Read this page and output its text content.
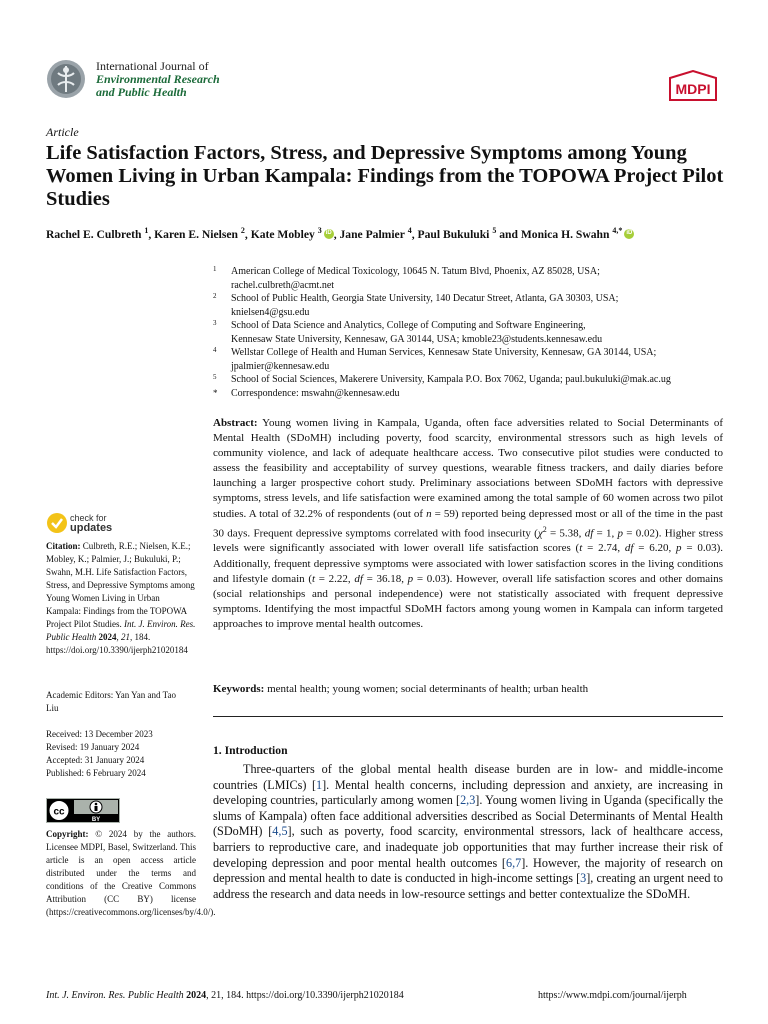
International Journal of
Environmental Research
and Public Health	MDPI
Article
Life Satisfaction Factors, Stress, and Depressive Symptoms among Young Women Living in Urban Kampala: Findings from the TOPOWA Project Pilot Studies
Rachel E. Culbreth $^1$, Karen E. Nielsen $^2$, Kate Mobley $^3$iD , Jane Palmier $^4$, Paul Bukuluki $^5$ and Monica H. Swahn $^{4,*}$iD
1 American College of Medical Toxicology, 10645 N. Tatum Blvd, Phoenix, AZ 85028, USA;
rachel.culbreth@acmt.net
2 School of Public Health, Georgia State University, 140 Decatur Street, Atlanta, GA 30303, USA;
knielsen4@gsu.edu
3 School of Data Science and Analytics, College of Computing and Software Engineering,
Kennesaw State University, Kennesaw, GA 30144, USA; kmoble23@students.kennesaw.edu
4 Wellstar College of Health and Human Services, Kennesaw State University, Kennesaw, GA 30144, USA;
jpalmier@kennesaw.edu
5 School of Social Sciences, Makerere University, Kampala P.O. Box 7062, Uganda; paul.bukuluki@mak.ac.ug
* Correspondence: mswahn@kennesaw.edu
Abstract: Young women living in Kampala, Uganda, often face adversities related to Social Determinants of Mental Health (SDoMH) including poverty, food scarcity, environmental stressors such as high levels of community violence, and lack of adequate healthcare access. Two consecutive pilot studies were conducted to assess the feasibility and acceptability of survey questions, wearable fitness trackers, and daily diaries before launching a larger prospective cohort study. Preliminary associations between SDoMH factors with depressive symptoms, stress levels, and life satisfaction were examined among the total sample of 60 women across two pilot studies. A total of 32.2% of respondents (out of n = 59) reported being depressed most or all of the time in the past 30 days. Frequent depressive symptoms correlated with food insecurity ($\chi^2 = 5.38$, df = 1, p = 0.02). Higher stress levels were significantly associated with lower overall life satisfaction scores (t = 2.74, df = 6.20, p = 0.03). Additionally, frequent depressive symptoms were associated with lower satisfaction scores in the living conditions and lifestyle domain (t = 2.22, df = 36.18, p = 0.03). However, overall life satisfaction scores and other domains (social relationships and personal independence) were not statistically associated with frequent depressive symptoms. Identifying the most impactful SDoMH factors among young women in Kampala can inform targeted approaches to improve mental health outcomes.
Keywords: mental health; young women; social determinants of health; urban health
1. Introduction
Three-quarters of the global mental health disease burden are in low- and middle-income countries (LMICs) [1]. Mental health concerns, including depression and anxiety, are increasing in developing countries, particularly among women [2,3]. Young women living in Uganda (specifically the slums of Kampala) often face additional adversities described as Social Determinants of Mental Health (SDoMH) [4,5], such as poverty, food scarcity, environmental stressors, lack of healthcare access, barriers to reproductive care, and inadequate job opportunities that may further increase their risk of developing depression and poor mental health outcomes [6,7]. However, the majority of research on depression and mental health to date is conducted in high-income settings [3], creating an urgent need to address the research and data needs in low-resource settings and better contextualize the SDoMH.
check for
updates
Citation: Culbreth, R.E.; Nielsen, K.E.; Mobley, K.; Palmier, J.; Bukuluki, P.; Swahn, M.H. Life Satisfaction Factors, Stress, and Depressive Symptoms among Young Women Living in Urban Kampala: Findings from the TOPOWA Project Pilot Studies. Int. J. Environ. Res. Public Health 2024, 21, 184. https://doi.org/10.3390/ijerph21020184
Academic Editors: Yan Yan and Tao Liu
Received: 13 December 2023
Revised: 19 January 2024
Accepted: 31 January 2024
Published: 6 February 2024
cc
BY
Copyright: © 2024 by the authors. Licensee MDPI, Basel, Switzerland. This article is an open access article distributed under the terms and conditions of the Creative Commons Attribution (CC BY) license (https://creativecommons.org/licenses/by/4.0/).
Int. J. Environ. Res. Public Health 2024, 21, 184. https://doi.org/10.3390/ijerph21020184	https://www.mdpi.com/journal/ijerph
